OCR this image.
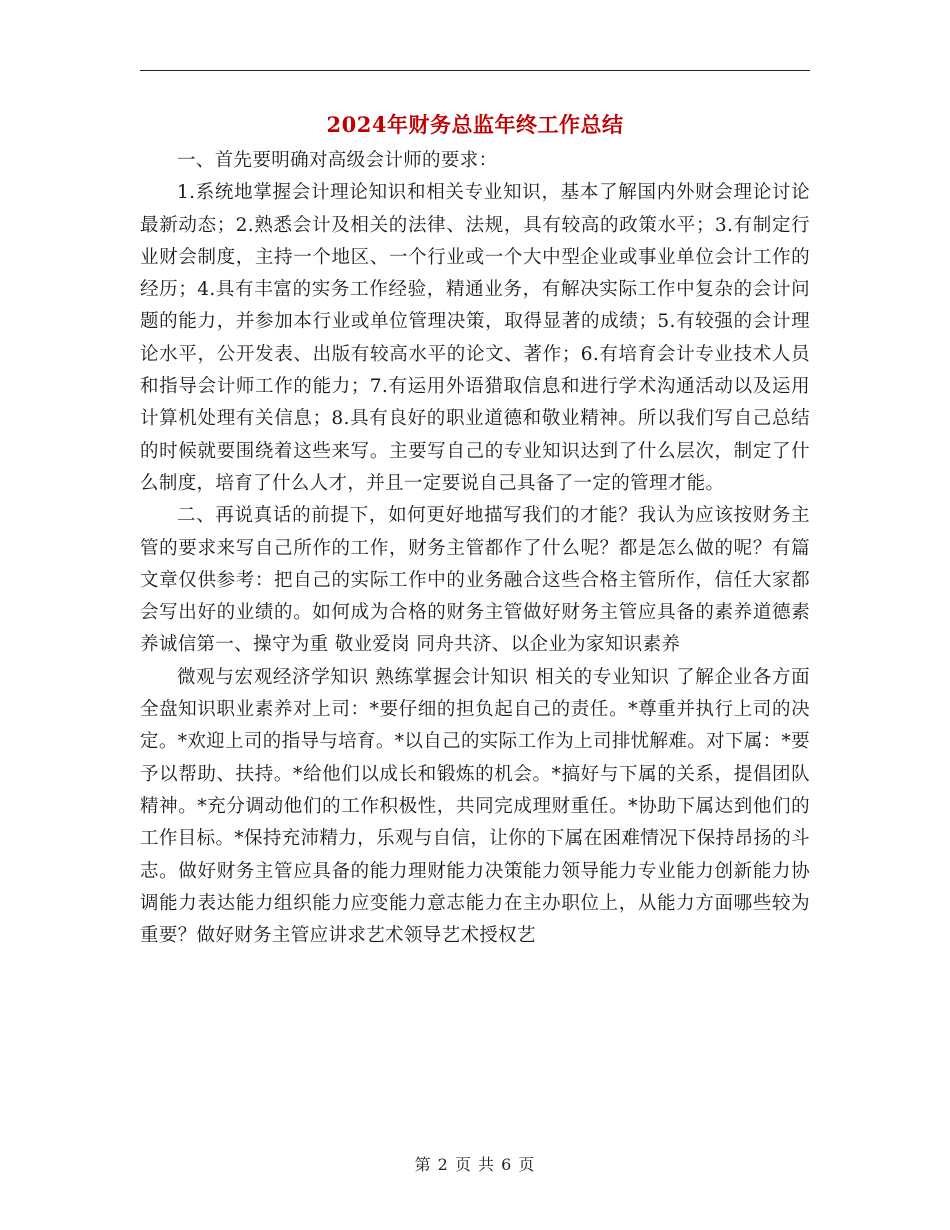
2024年财务总监年终工作总结

一、首先要明确对高级会计师的要求：

1.系统地掌握会计理论知识和相关专业知识，基本了解国内外财会理论讨论最新动态；2.熟悉会计及相关的法律、法规，具有较高的政策水平；3.有制定行业财会制度，主持一个地区、一个行业或一个大中型企业或事业单位会计工作的经历；4.具有丰富的实务工作经验，精通业务，有解决实际工作中复杂的会计问题的能力，并参加本行业或单位管理决策，取得显著的成绩；5.有较强的会计理论水平，公开发表、出版有较高水平的论文、著作；6.有培育会计专业技术人员和指导会计师工作的能力；7.有运用外语猎取信息和进行学术沟通活动以及运用计算机处理有关信息；8.具有良好的职业道德和敬业精神。所以我们写自己总结的时候就要围绕着这些来写。主要写自己的专业知识达到了什么层次，制定了什么制度，培育了什么人才，并且一定要说自己具备了一定的管理才能。

二、再说真话的前提下，如何更好地描写我们的才能？我认为应该按财务主管的要求来写自己所作的工作，财务主管都作了什么呢？都是怎么做的呢？有篇文章仅供参考：把自己的实际工作中的业务融合这些合格主管所作，信任大家都会写出好的业绩的。如何成为合格的财务主管做好财务主管应具备的素养道德素养诚信第一、操守为重 敬业爱岗 同舟共济、以企业为家知识素养

微观与宏观经济学知识 熟练掌握会计知识 相关的专业知识 了解企业各方面全盘知识职业素养对上司：*要仔细的担负起自己的责任。*尊重并执行上司的决定。*欢迎上司的指导与培育。*以自己的实际工作为上司排忧解难。对下属：*要予以帮助、扶持。*给他们以成长和锻炼的机会。*搞好与下属的关系，提倡团队精神。*充分调动他们的工作积极性，共同完成理财重任。*协助下属达到他们的工作目标。*保持充沛精力，乐观与自信，让你的下属在困难情况下保持昂扬的斗志。做好财务主管应具备的能力理财能力决策能力领导能力专业能力创新能力协调能力表达能力组织能力应变能力意志能力在主办职位上，从能力方面哪些较为重要？做好财务主管应讲求艺术领导艺术授权艺

第 2 页 共 6 页
